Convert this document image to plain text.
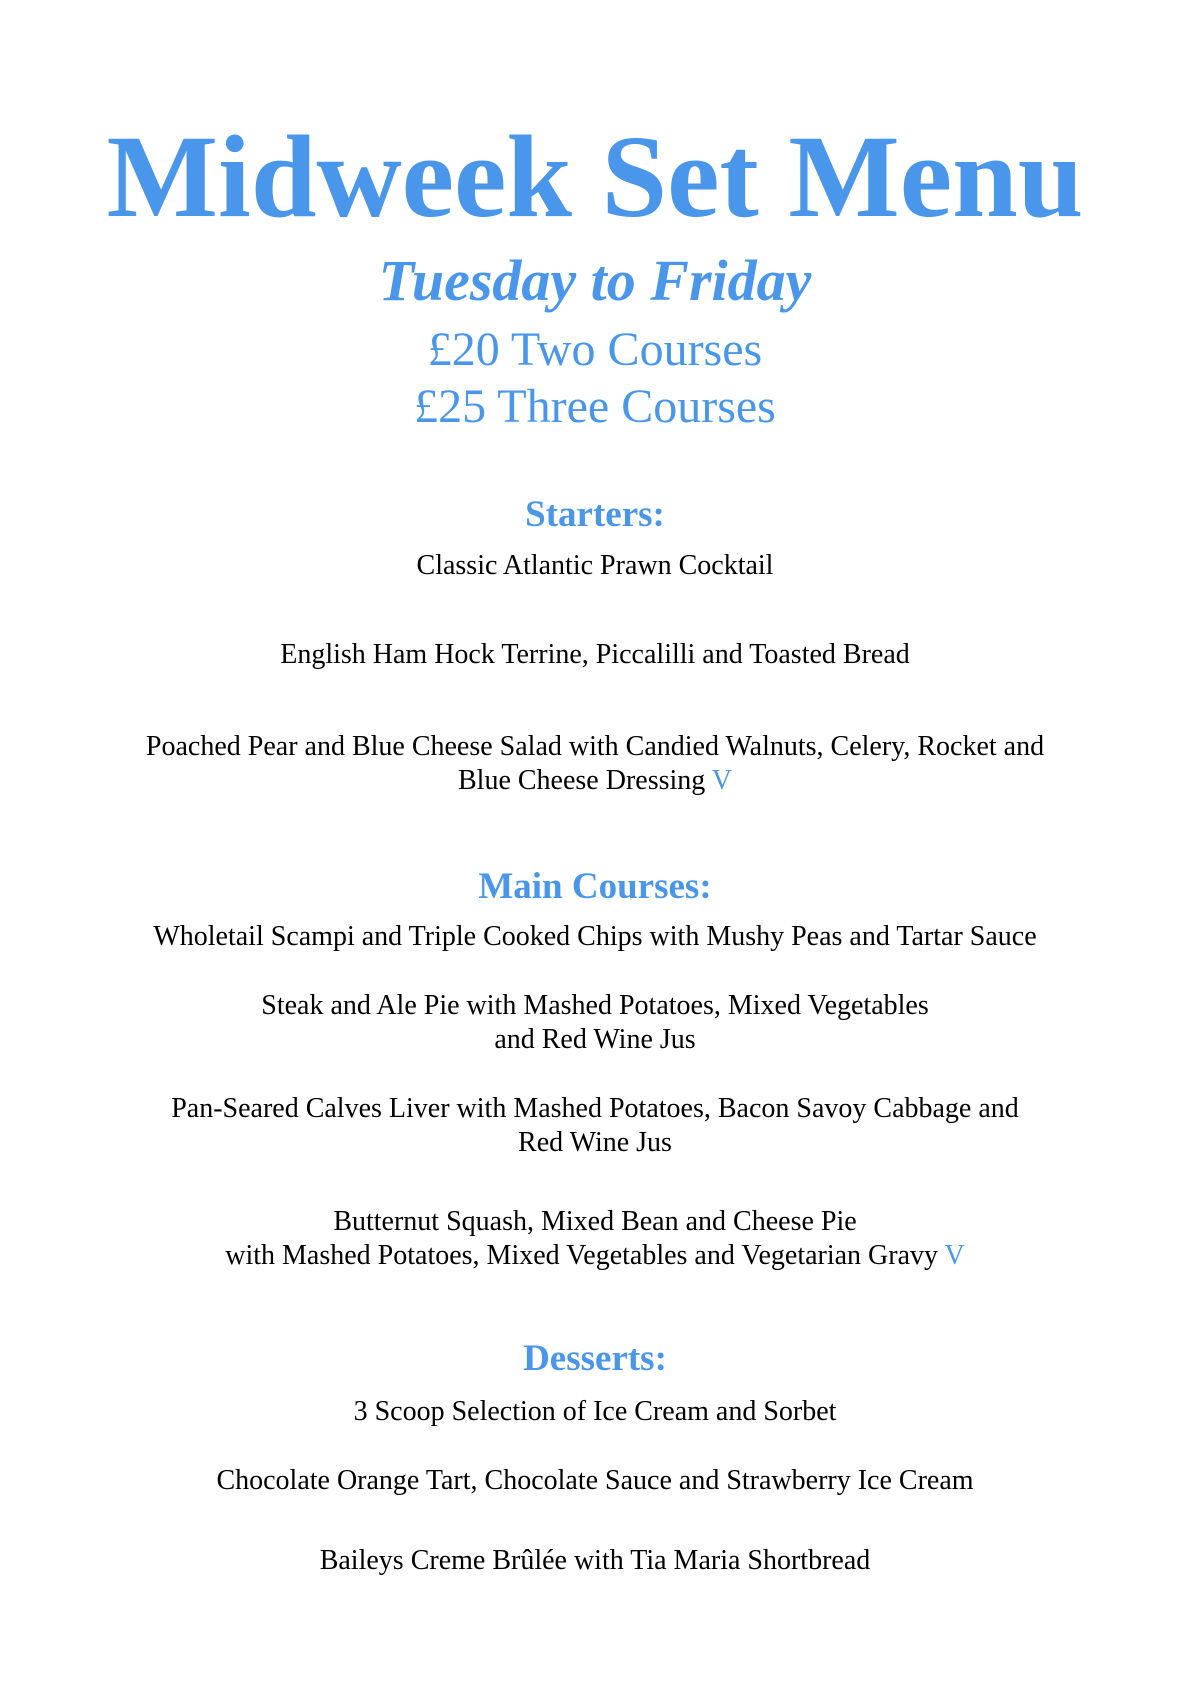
Midweek Set Menu
Tuesday to Friday
£20 Two Courses
£25 Three Courses
Starters:
Classic Atlantic Prawn Cocktail
English Ham Hock Terrine, Piccalilli and Toasted Bread
Poached Pear and Blue Cheese Salad with Candied Walnuts, Celery, Rocket and
Blue Cheese Dressing V
Main Courses:
Wholetail Scampi and Triple Cooked Chips with Mushy Peas and Tartar Sauce
Steak and Ale Pie with Mashed Potatoes, Mixed Vegetables
and Red Wine Jus
Pan-Seared Calves Liver with Mashed Potatoes, Bacon Savoy Cabbage and
Red Wine Jus
Butternut Squash, Mixed Bean and Cheese Pie
with Mashed Potatoes, Mixed Vegetables and Vegetarian Gravy V
Desserts:
3 Scoop Selection of Ice Cream and Sorbet
Chocolate Orange Tart, Chocolate Sauce and Strawberry Ice Cream
Baileys Creme Brûlée with Tia Maria Shortbread
